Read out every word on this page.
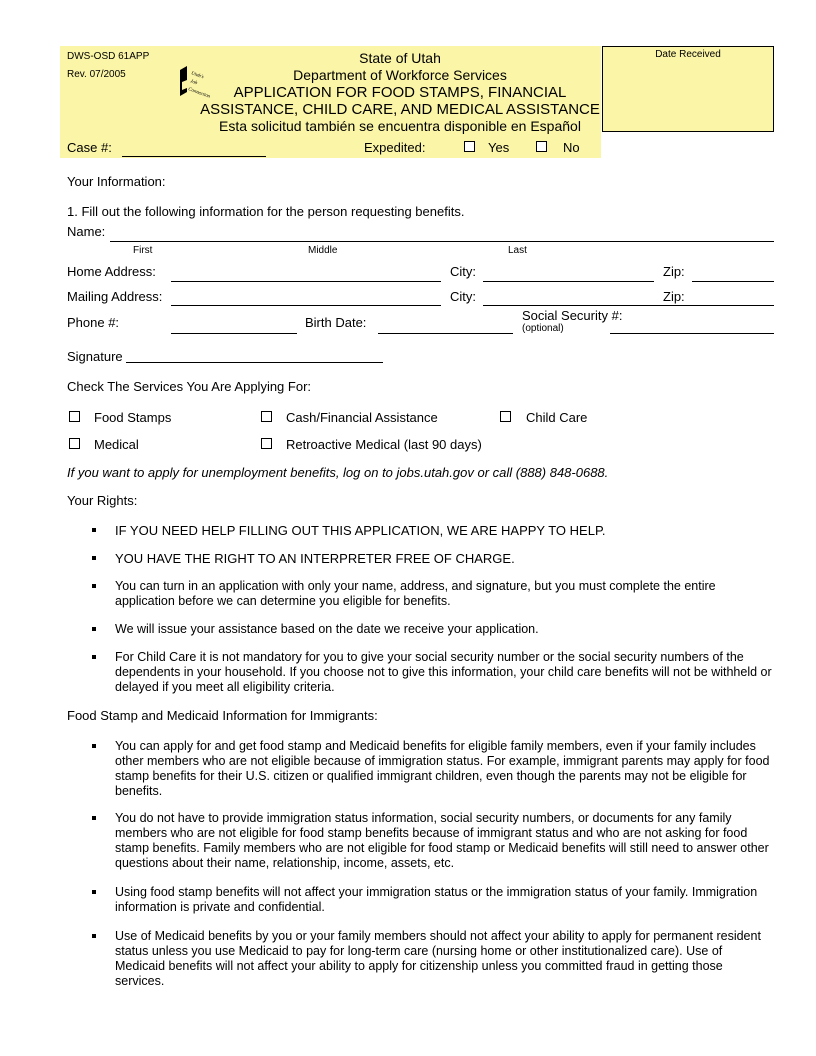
Date Received
DWS-OSD 61APP
Rev. 07/2005	Utah's
Job
Connection
State of Utah
Department of Workforce Services
APPLICATION FOR FOOD STAMPS, FINANCIAL
ASSISTANCE, CHILD CARE, AND MEDICAL ASSISTANCE
Esta solicitud también se encuentra disponible en Español
Case #:	Expedited:	Yes	No
Your Information:
1. Fill out the following information for the person requesting benefits.
Name:
First	Middle	Last
Home Address:	City:	Zip:
Mailing Address:	City:	Zip:
Phone #:	Birth Date:	Social Security #:
(optional)
Signature
Check The Services You Are Applying For:
Food Stamps	Cash/Financial Assistance	Child Care
Medical	Retroactive Medical (last 90 days)
If you want to apply for unemployment benefits, log on to jobs.utah.gov or call (888) 848-0688.
Your Rights:
IF YOU NEED HELP FILLING OUT THIS APPLICATION, WE ARE HAPPY TO HELP.
YOU HAVE THE RIGHT TO AN INTERPRETER FREE OF CHARGE.
You can turn in an application with only your name, address, and signature, but you must complete the entire application before we can determine you eligible for benefits.
We will issue your assistance based on the date we receive your application.
For Child Care it is not mandatory for you to give your social security number or the social security numbers of the dependents in your household. If you choose not to give this information, your child care benefits will not be withheld or delayed if you meet all eligibility criteria.
Food Stamp and Medicaid Information for Immigrants:
You can apply for and get food stamp and Medicaid benefits for eligible family members, even if your family includes other members who are not eligible because of immigration status. For example, immigrant parents may apply for food stamp benefits for their U.S. citizen or qualified immigrant children, even though the parents may not be eligible for benefits.
You do not have to provide immigration status information, social security numbers, or documents for any family members who are not eligible for food stamp benefits because of immigrant status and who are not asking for food stamp benefits. Family members who are not eligible for food stamp or Medicaid benefits will still need to answer other questions about their name, relationship, income, assets, etc.
Using food stamp benefits will not affect your immigration status or the immigration status of your family. Immigration information is private and confidential.
Use of Medicaid benefits by you or your family members should not affect your ability to apply for permanent resident status unless you use Medicaid to pay for long-term care (nursing home or other institutionalized care). Use of Medicaid benefits will not affect your ability to apply for citizenship unless you committed fraud in getting those services.
